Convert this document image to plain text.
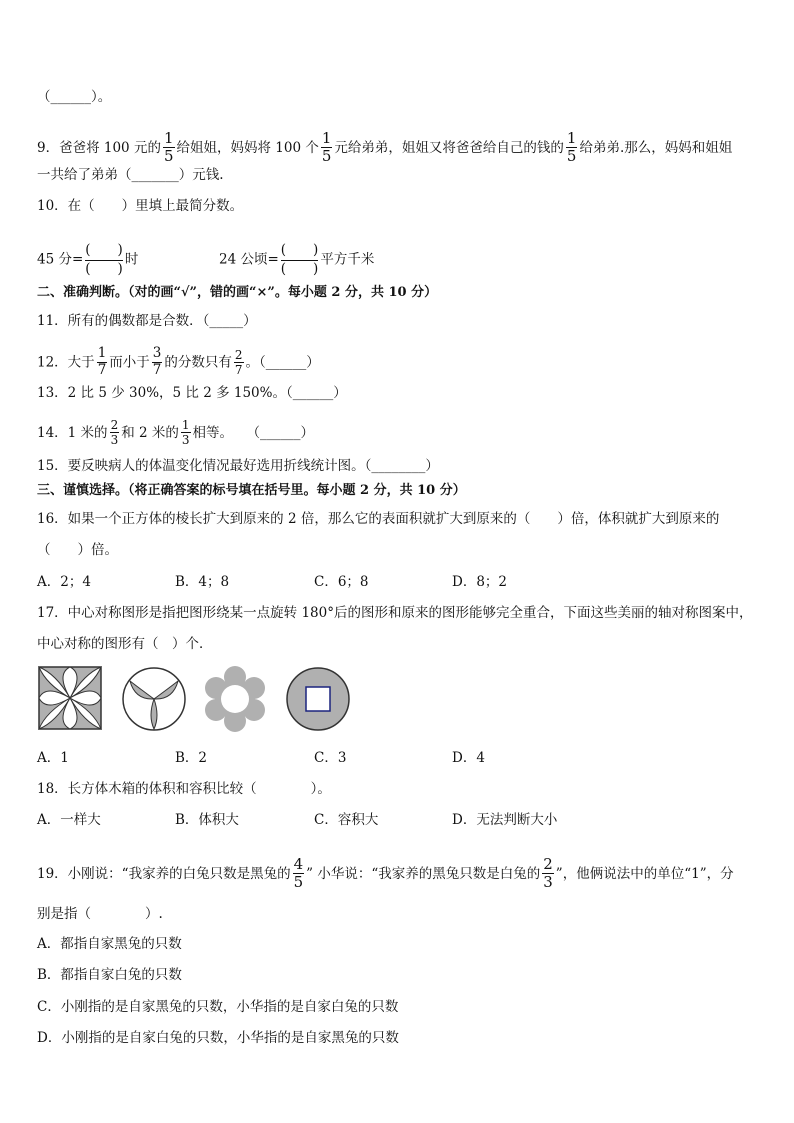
（______）。
9．爸爸将 100 元的 $\frac{1}{5}$ 给姐姐，妈妈将 100 个 $\frac{1}{5}$ 元给弟弟，姐姐又将爸爸给自己的钱的 $\frac{1}{5}$ 给弟弟.那么，妈妈和姐姐
一共给了弟弟（_______）元钱.
10．在（　　）里填上最简分数。
45 分=
(　　)
(　　)
时	24 公顷=
(　　)
(　　)
平方千米
二、准确判断。（对的画“√”，错的画“×”。每小题 2 分，共 10 分）
11．所有的偶数都是合数．（_____）
12．大于 $\frac{1}{7}$ 而小于 $\frac{3}{7}$ 的分数只有 $\frac{2}{7}$ 。（______）
13．2 比 5 少 30%，5 比 2 多 150%。（______）
14．1 米的 $\frac{2}{3}$ 和 2 米的 $\frac{1}{3}$ 相等。　　（______）
15．要反映病人的体温变化情况最好选用折线统计图。（________）
三、谨慎选择。（将正确答案的标号填在括号里。每小题 2 分，共 10 分）
16．如果一个正方体的棱长扩大到原来的 2 倍，那么它的表面积就扩大到原来的（　　）倍，体积就扩大到原来的
（　　）倍。
A．2；4	B．4；8	C．6；8	D．8；2
17．中心对称图形是指把图形绕某一点旋转 180°后的图形和原来的图形能够完全重合，下面这些美丽的轴对称图案中，
中心对称的图形有（　）个．
A．1	B．2	C．3	D．4
18．长方体木箱的体积和容积比较（　　　　）。
A．一样大	B．体积大	C．容积大	D．无法判断大小
19．小刚说：“我家养的白兔只数是黑兔的 $\frac{4}{5}$ ” 小华说：“我家养的黑兔只数是白兔的 $\frac{2}{3}$ ”，他俩说法中的单位“1”，分
别是指（　　　　）.
A．都指自家黑兔的只数
B．都指自家白兔的只数
C．小刚指的是自家黑兔的只数，小华指的是自家白兔的只数
D．小刚指的是自家白兔的只数，小华指的是自家黑兔的只数
